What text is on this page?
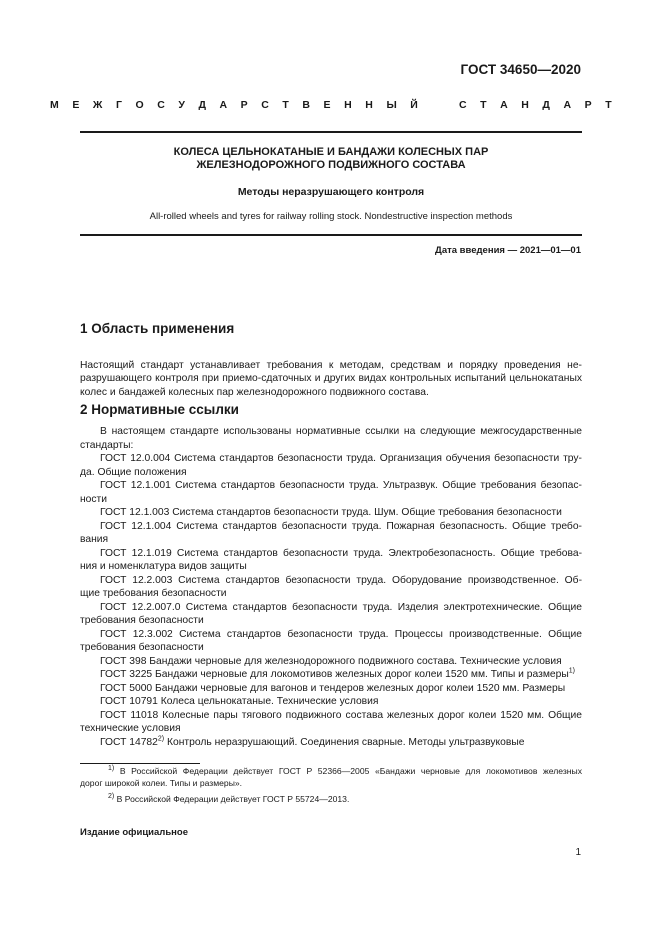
ГОСТ 34650—2020
М Е Ж Г О С У Д А Р С Т В Е Н Н Ы Й	С Т А Н Д А Р Т
КОЛЕСА ЦЕЛЬНОКАТАНЫЕ И БАНДАЖИ КОЛЕСНЫХ ПАР
ЖЕЛЕЗНОДОРОЖНОГО ПОДВИЖНОГО СОСТАВА
Методы неразрушающего контроля
All-rolled wheels and tyres for railway rolling stock. Nondestructive inspection methods
Дата введения — 2021—01—01
1 Область применения

Настоящий стандарт устанавливает требования к методам, средствам и порядку проведения не-

разрушающего контроля при приемо-сдаточных и других видах контрольных испытаний цельнокатаных

колес и бандажей колесных пар железнодорожного подвижного состава.

2 Нормативные ссылки

В настоящем стандарте использованы нормативные ссылки на следующие межгосударственные

стандарты:

ГОСТ 12.0.004 Система стандартов безопасности труда. Организация обучения безопасности тру-

да. Общие положения

ГОСТ 12.1.001 Система стандартов безопасности труда. Ультразвук. Общие требования безопас-

ности

ГОСТ 12.1.003 Система стандартов безопасности труда. Шум. Общие требования безопасности

ГОСТ 12.1.004 Система стандартов безопасности труда. Пожарная безопасность. Общие требо-

вания

ГОСТ 12.1.019 Система стандартов безопасности труда. Электробезопасность. Общие требова-

ния и номенклатура видов защиты

ГОСТ 12.2.003 Система стандартов безопасности труда. Оборудование производственное. Об-

щие требования безопасности

ГОСТ 12.2.007.0 Система стандартов безопасности труда. Изделия электротехнические. Общие

требования безопасности

ГОСТ 12.3.002 Система стандартов безопасности труда. Процессы производственные. Общие

требования безопасности

ГОСТ 398 Бандажи черновые для железнодорожного подвижного состава. Технические условия

ГОСТ 3225 Бандажи черновые для локомотивов железных дорог колеи 1520 мм. Типы и размеры$^{1)}$

ГОСТ 5000 Бандажи черновые для вагонов и тендеров железных дорог колеи 1520 мм. Размеры

ГОСТ 10791 Колеса цельнокатаные. Технические условия

ГОСТ 11018 Колесные пары тягового подвижного состава железных дорог колеи 1520 мм. Общие

технические условия

ГОСТ 14782$^{2)}$ Контроль неразрушающий. Соединения сварные. Методы ультразвуковые

$^{1)}$ В Российской Федерации действует ГОСТ Р 52366—2005 «Бандажи черновые для локомотивов железных

дорог широкой колеи. Типы и размеры».

$^{2)}$ В Российской Федерации действует ГОСТ Р 55724—2013.

Издание официальное
1
